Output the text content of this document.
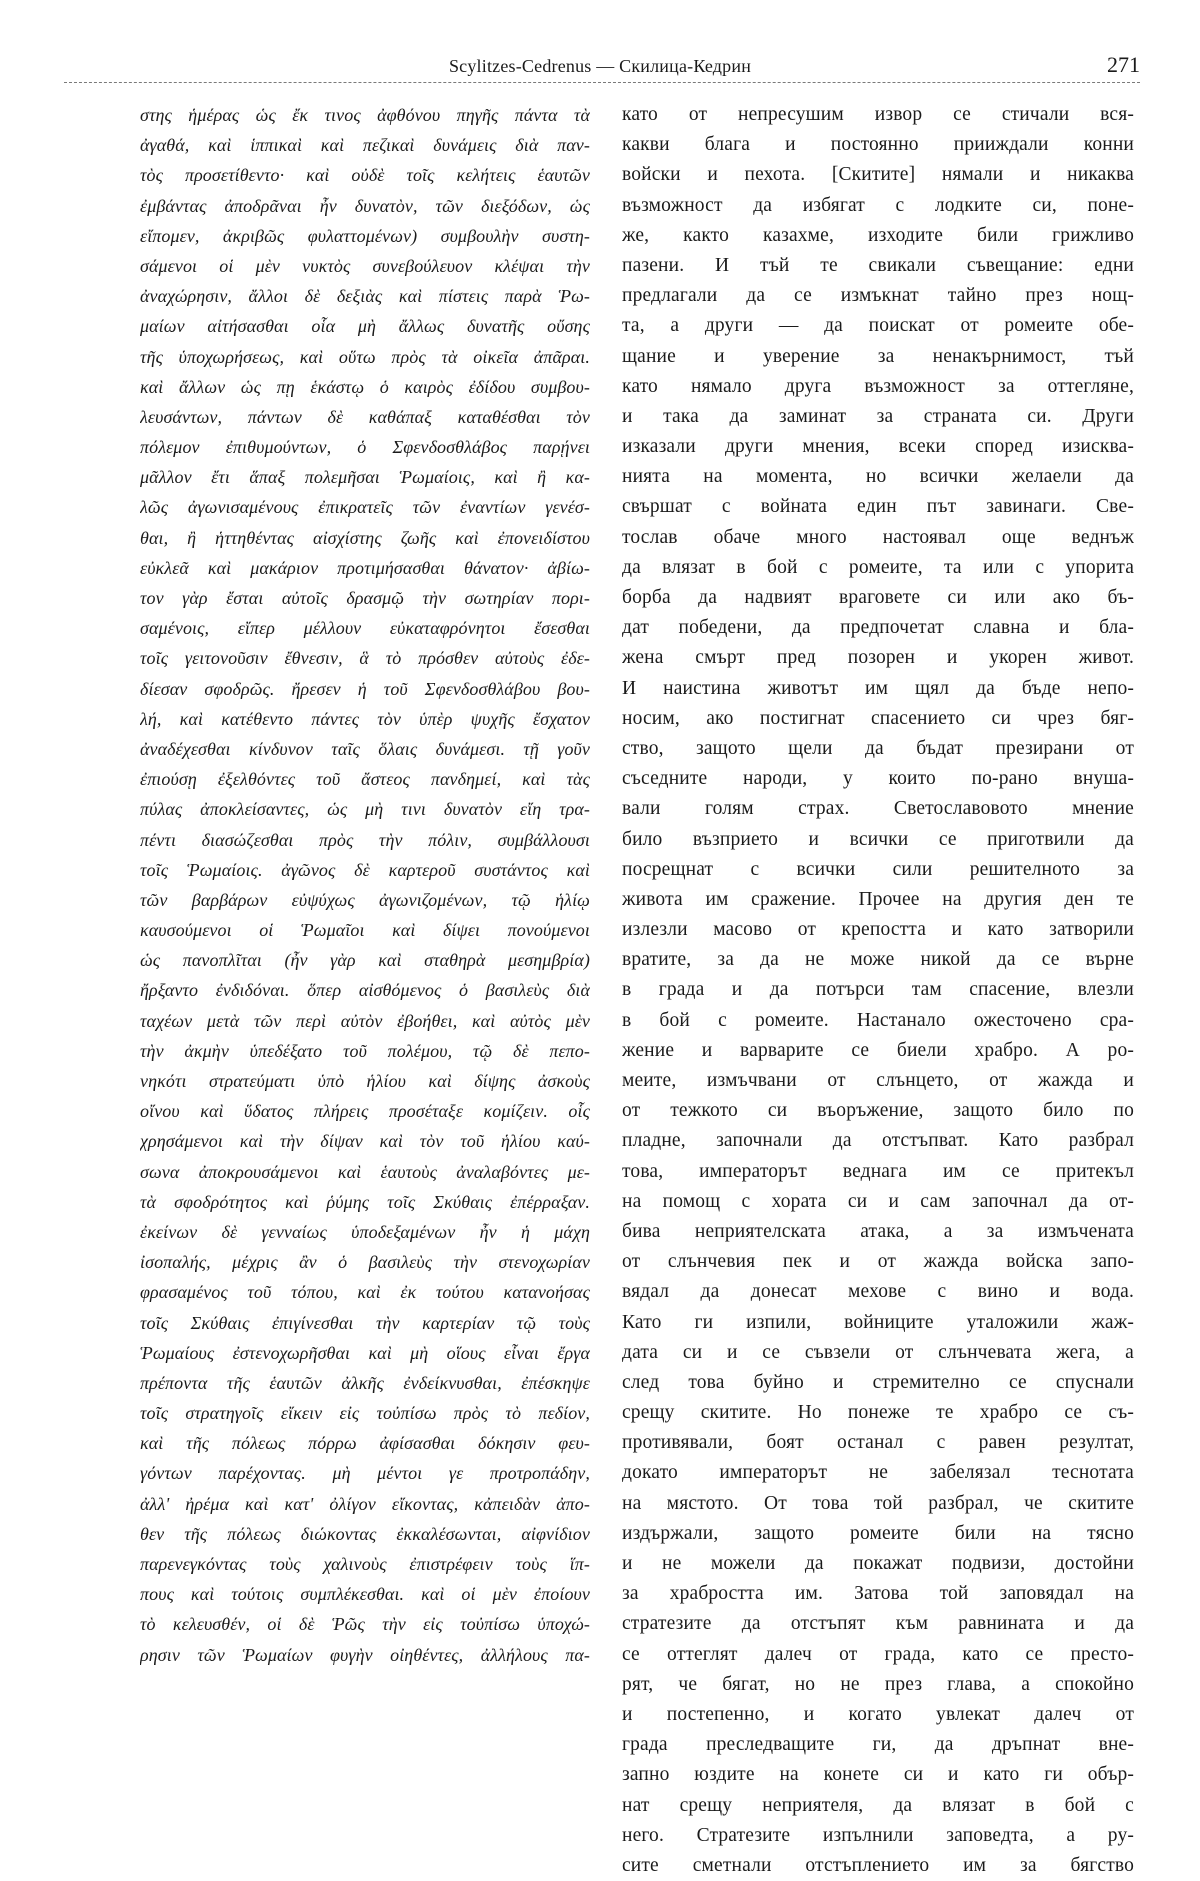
Scylitzes-Cedrenus — Скилица-Кедрин	271
στης ἡμέρας ὡς ἔκ τινος ἀφθόνου πηγῆς πάντα τὰ
ἀγαθά, καὶ ἱππικαὶ καὶ πεζικαὶ δυνάμεις διὰ παν-
τὸς προσετίθεντο· καὶ οὐδὲ τοῖς κελήτεις ἑαυτῶν
ἐμβάντας ἀποδρᾶναι ἦν δυνατὸν, τῶν διεξόδων, ὡς
εἴπομεν, ἀκριβῶς φυλαττομένων) συμβουλὴν συστη-
σάμενοι οἱ μὲν νυκτὸς συνεβούλευον κλέψαι τὴν
ἀναχώρησιν, ἄλλοι δὲ δεξιὰς καὶ πίστεις παρὰ Ῥω-
μαίων αἰτήσασθαι οἷα μὴ ἄλλως δυνατῆς οὔσης
τῆς ὑποχωρήσεως, καὶ οὕτω πρὸς τὰ οἰκεῖα ἀπᾶραι.
καὶ ἄλλων ὡς πῃ ἑκάστῳ ὁ καιρὸς ἐδίδου συμβου-
λευσάντων, πάντων δὲ καθάπαξ καταθέσθαι τὸν
πόλεμον ἐπιθυμούντων, ὁ Σφενδοσθλάβος παρῄνει
μᾶλλον ἔτι ἅπαξ πολεμῆσαι Ῥωμαίοις, καὶ ἢ κα-
λῶς ἀγωνισαμένους ἐπικρατεῖς τῶν ἐναντίων γενέσ-
θαι, ἢ ἡττηθέντας αἰσχίστης ζωῆς καὶ ἐπονειδίστου
εὐκλεᾶ καὶ μακάριον προτιμήσασθαι θάνατον· ἀβίω-
τον γὰρ ἔσται αὐτοῖς δρασμῷ τὴν σωτηρίαν πορι-
σαμένοις, εἴπερ μέλλουν εὐκαταφρόνητοι ἔσεσθαι
τοῖς γειτονοῦσιν ἔθνεσιν, ἃ τὸ πρόσθεν αὐτοὺς ἐδε-
δίεσαν σφοδρῶς. ἤρεσεν ἡ τοῦ Σφενδοσθλάβου βου-
λή, καὶ κατέθεντο πάντες τὸν ὑπὲρ ψυχῆς ἔσχατον
ἀναδέχεσθαι κίνδυνον ταῖς ὅλαις δυνάμεσι. τῇ γοῦν
ἐπιούσῃ ἐξελθόντες τοῦ ἄστεος πανδημεί, καὶ τὰς
πύλας ἀποκλείσαντες, ὡς μὴ τινι δυνατὸν εἴη τρα-
πέντι διασώζεσθαι πρὸς τὴν πόλιν, συμβάλλουσι
τοῖς Ῥωμαίοις. ἀγῶνος δὲ καρτεροῦ συστάντος καὶ
τῶν βαρβάρων εὐψύχως ἀγωνιζομένων, τῷ ἡλίῳ
καυσούμενοι οἱ Ῥωμαῖοι καὶ δίψει πονούμενοι
ὡς πανοπλῖται (ἦν γὰρ καὶ σταθηρὰ μεσημβρία)
ἤρξαντο ἐνδιδόναι. ὅπερ αἰσθόμενος ὁ βασιλεὺς διὰ
ταχέων μετὰ τῶν περὶ αὐτὸν ἐβοήθει, καὶ αὐτὸς μὲν
τὴν ἀκμὴν ὑπεδέξατο τοῦ πολέμου, τῷ δὲ πεπο-
νηκότι στρατεύματι ὑπὸ ἡλίου καὶ δίψης ἀσκοὺς
οἴνου καὶ ὕδατος πλήρεις προσέταξε κομίζειν. οἷς
χρησάμενοι καὶ τὴν δίψαν καὶ τὸν τοῦ ἡλίου καύ-
σωνα ἀποκρουσάμενοι καὶ ἑαυτοὺς ἀναλαβόντες με-
τὰ σφοδρότητος καὶ ῥύμης τοῖς Σκύθαις ἐπέρραξαν.
ἐκείνων δὲ γενναίως ὑποδεξαμένων ἦν ἡ μάχη
ἰσοπαλής, μέχρις ἂν ὁ βασιλεὺς τὴν στενοχωρίαν
φρασαμένος τοῦ τόπου, καὶ ἐκ τούτου κατανοήσας
τοῖς Σκύθαις ἐπιγίνεσθαι τὴν καρτερίαν τῷ τοὺς
Ῥωμαίους ἐστενοχωρῆσθαι καὶ μὴ οἵους εἶναι ἔργα
πρέποντα τῆς ἑαυτῶν ἀλκῆς ἐνδείκνυσθαι, ἐπέσκηψε
τοῖς στρατηγοῖς εἴκειν εἰς τοὐπίσω πρὸς τὸ πεδίον,
καὶ τῆς πόλεως πόρρω ἀφίσασθαι δόκησιν φευ-
γόντων παρέχοντας. μὴ μέντοι γε προτροπάδην,
ἀλλ' ἠρέμα καὶ κατ' ὀλίγον εἴκοντας, κἀπειδὰν ἀπο-
θεν τῆς πόλεως διώκοντας ἐκκαλέσωνται, αἰφνίδιον
παρενεγκόντας τοὺς χαλινοὺς ἐπιστρέφειν τοὺς ἵπ-
πους καὶ τούτοις συμπλέκεσθαι. καὶ οἱ μὲν ἐποίουν
τὸ κελευσθέν, οἱ δὲ Ῥῶς τὴν εἰς τοὐπίσω ὑποχώ-
ρησιν τῶν Ῥωμαίων φυγὴν οἰηθέντες, ἀλλήλους πα-
като от непресушим извор се стичали вся-
какви блага и постоянно прииждали конни
войски и пехота. [Скитите] нямали и никаква
възможност да избягат с лодките си, поне-
же, както казахме, изходите били грижливо
пазени. И тъй те свикали съвещание: едни
предлагали да се измъкнат тайно през нощ-
та, а други — да поискат от ромеите обе-
щание и уверение за ненакърнимост, тъй
като нямало друга възможност за оттегляне,
и така да заминат за страната си. Други
изказали други мнения, всеки според изисква-
нията на момента, но всички желаели да
свършат с войната един път завинаги. Свe-
тослав обаче много настоявал още веднъж
да влязат в бой с ромеите, та или с упорита
борба да надвият враговете си или ако бъ-
дат победени, да предпочетат славна и бла-
жена смърт пред позорен и укорен живот.
И наистина животът им щял да бъде непо-
носим, ако постигнат спасението си чрез бяг-
ство, защото щели да бъдат презирани от
съседните народи, у които по-рано внуша-
вали голям страх. Светославовото мнение
било възприето и всички се приготвили да
посрещнат с всички сили решителното за
живота им сражение. Прочее на другия ден те
излезли масово от крепостта и като затворили
вратите, за да не може никой да се върне
в града и да потърси там спасение, влезли
в бой с ромеите. Настанало ожесточено сра-
жение и варварите се биели храбро. А ро-
меите, измъчвани от слънцето, от жажда и
от тежкото си въоръжение, защото било по
пладне, започнали да отстъпват. Като разбрал
това, императорът веднага им се притекъл
на помощ с хората си и сам започнал да от-
бива неприятелската атака, а за измъчената
от слънчевия пек и от жажда войска запо-
вядал да донесат мехове с вино и вода.
Като ги изпили, войниците уталожили жаж-
дата си и се съвзели от слънчевата жега, а
след това буйно и стремително се спуснали
срещу скитите. Но понеже те храбро се съ-
противявали, боят останал с равен резултат,
докато императорът не забелязал теснотата
на мястото. От това той разбрал, че скитите
издържали, защото ромеите били на тясно
и не можели да покажат подвизи, достойни
за храбростта им. Затова той заповядал на
стратезите да отстъпят към равнината и да
се оттеглят далеч от града, като се престо-
рят, че бягат, но не през глава, а спокойно
и постепенно, и когато увлекат далеч от
града преследващите ги, да дръпнат вне-
запно юздите на конете си и като ги обър-
нат срещу неприятеля, да влязат в бой с
него. Стратезите изпълнили заповедта, а ру-
сите сметнали отстъплението им за бягство
